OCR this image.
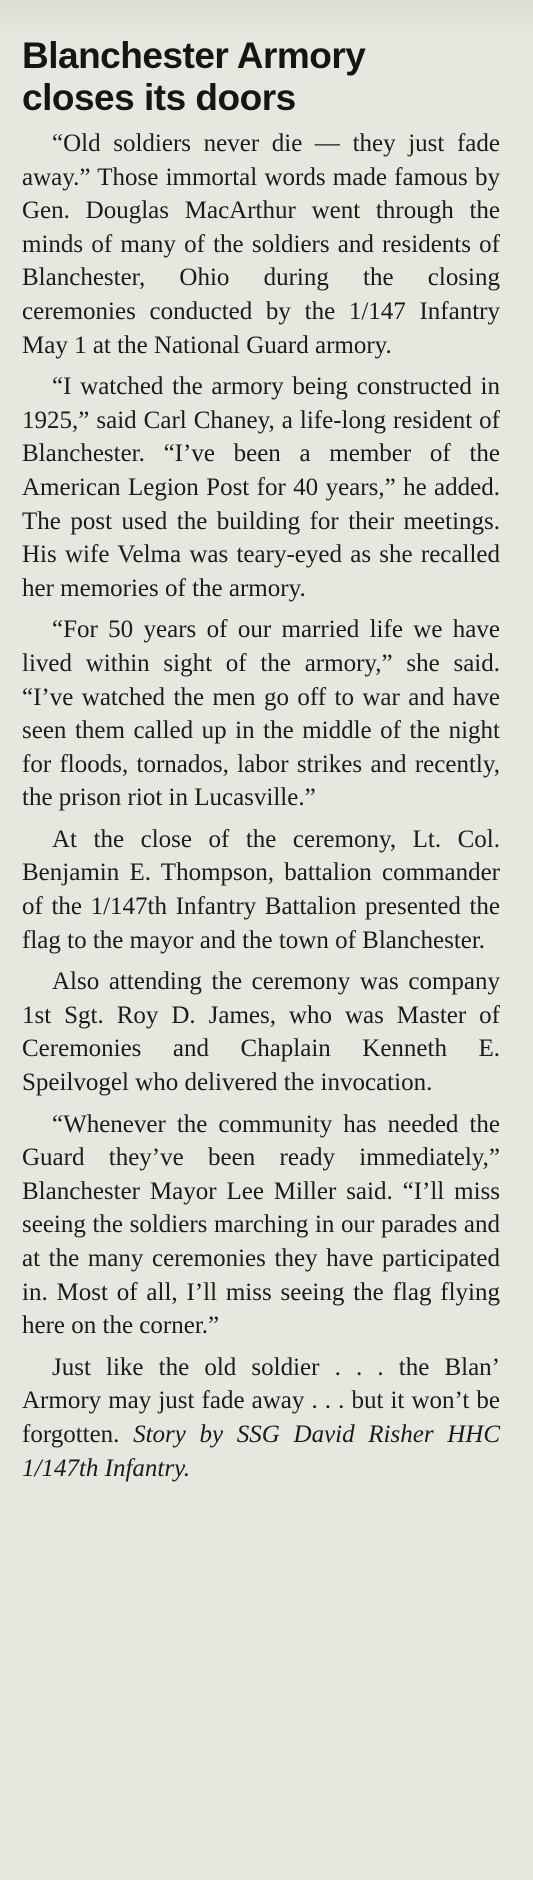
Blanchester Armory
closes its doors

“Old soldiers never die — they just fade away.” Those immortal words made famous by Gen. Douglas MacArthur went through the minds of many of the soldiers and residents of Blanchester, Ohio during the closing ceremonies conducted by the 1/147 Infantry May 1 at the National Guard armory.

“I watched the armory being constructed in 1925,” said Carl Chaney, a life-long resident of Blanchester. “I’ve been a member of the American Legion Post for 40 years,” he added. The post used the building for their meetings. His wife Velma was teary-eyed as she recalled her memories of the armory.

“For 50 years of our married life we have lived within sight of the armory,” she said. “I’ve watched the men go off to war and have seen them called up in the middle of the night for floods, tornados, labor strikes and recently, the prison riot in Lucasville.”

At the close of the ceremony, Lt. Col. Benjamin E. Thompson, battalion commander of the 1/147th Infantry Battalion presented the flag to the mayor and the town of Blanchester.

Also attending the ceremony was company 1st Sgt. Roy D. James, who was Master of Ceremonies and Chaplain Kenneth E. Speilvogel who delivered the invocation.

“Whenever the community has needed the Guard they’ve been ready immediately,” Blanchester Mayor Lee Miller said. “I’ll miss seeing the soldiers marching in our parades and at the many ceremonies they have participated in. Most of all, I’ll miss seeing the flag flying here on the corner.”

Just like the old soldier . . . the Blan’ Armory may just fade away . . . but it won’t be forgotten. Story by SSG David Risher HHC 1/147th Infantry.
